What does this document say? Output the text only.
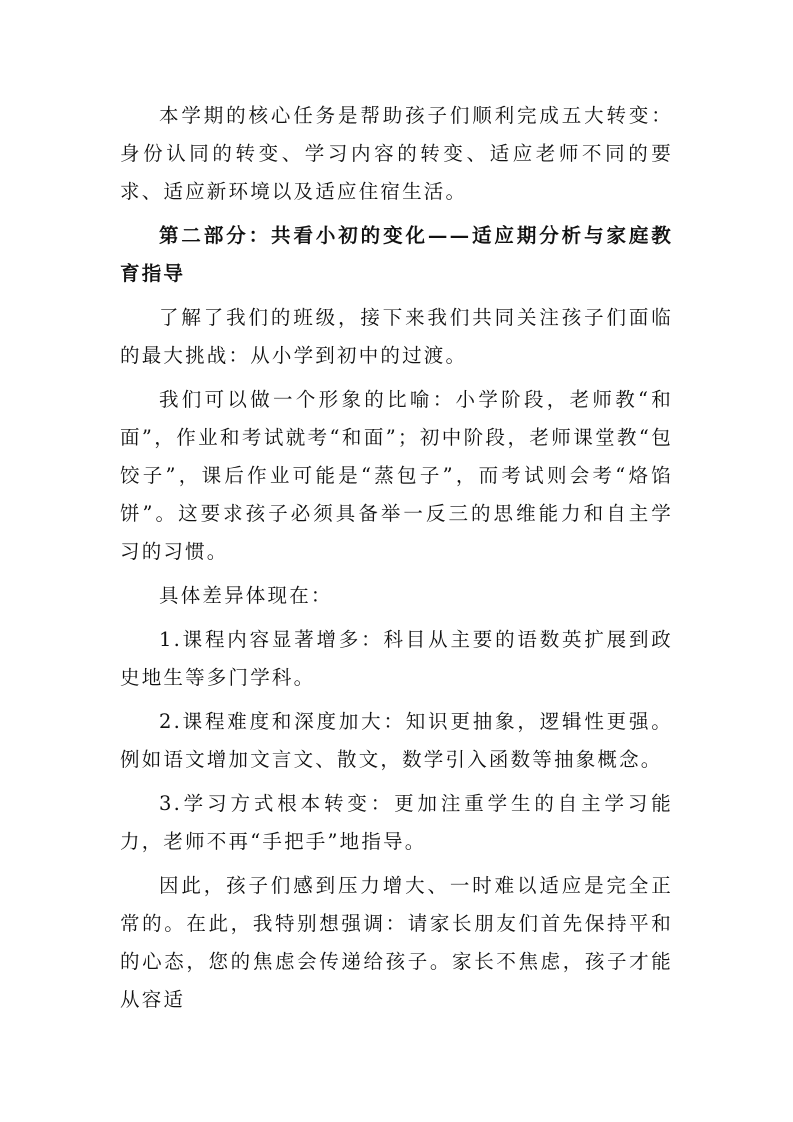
本学期的核心任务是帮助孩子们顺利完成五大转变：身份认同的转变、学习内容的转变、适应老师不同的要求、适应新环境以及适应住宿生活。

第二部分：共看小初的变化——适应期分析与家庭教育指导

了解了我们的班级，接下来我们共同关注孩子们面临的最大挑战：从小学到初中的过渡。

我们可以做一个形象的比喻：小学阶段，老师教“和面”，作业和考试就考“和面”；初中阶段，老师课堂教“包饺子”，课后作业可能是“蒸包子”，而考试则会考“烙馅饼”。这要求孩子必须具备举一反三的思维能力和自主学习的习惯。

具体差异体现在：

1.课程内容显著增多：科目从主要的语数英扩展到政史地生等多门学科。

2.课程难度和深度加大：知识更抽象，逻辑性更强。例如语文增加文言文、散文，数学引入函数等抽象概念。

3.学习方式根本转变：更加注重学生的自主学习能力，老师不再“手把手”地指导。

因此，孩子们感到压力增大、一时难以适应是完全正常的。在此，我特别想强调：请家长朋友们首先保持平和的心态，您的焦虑会传递给孩子。家长不焦虑，孩子才能从容适
